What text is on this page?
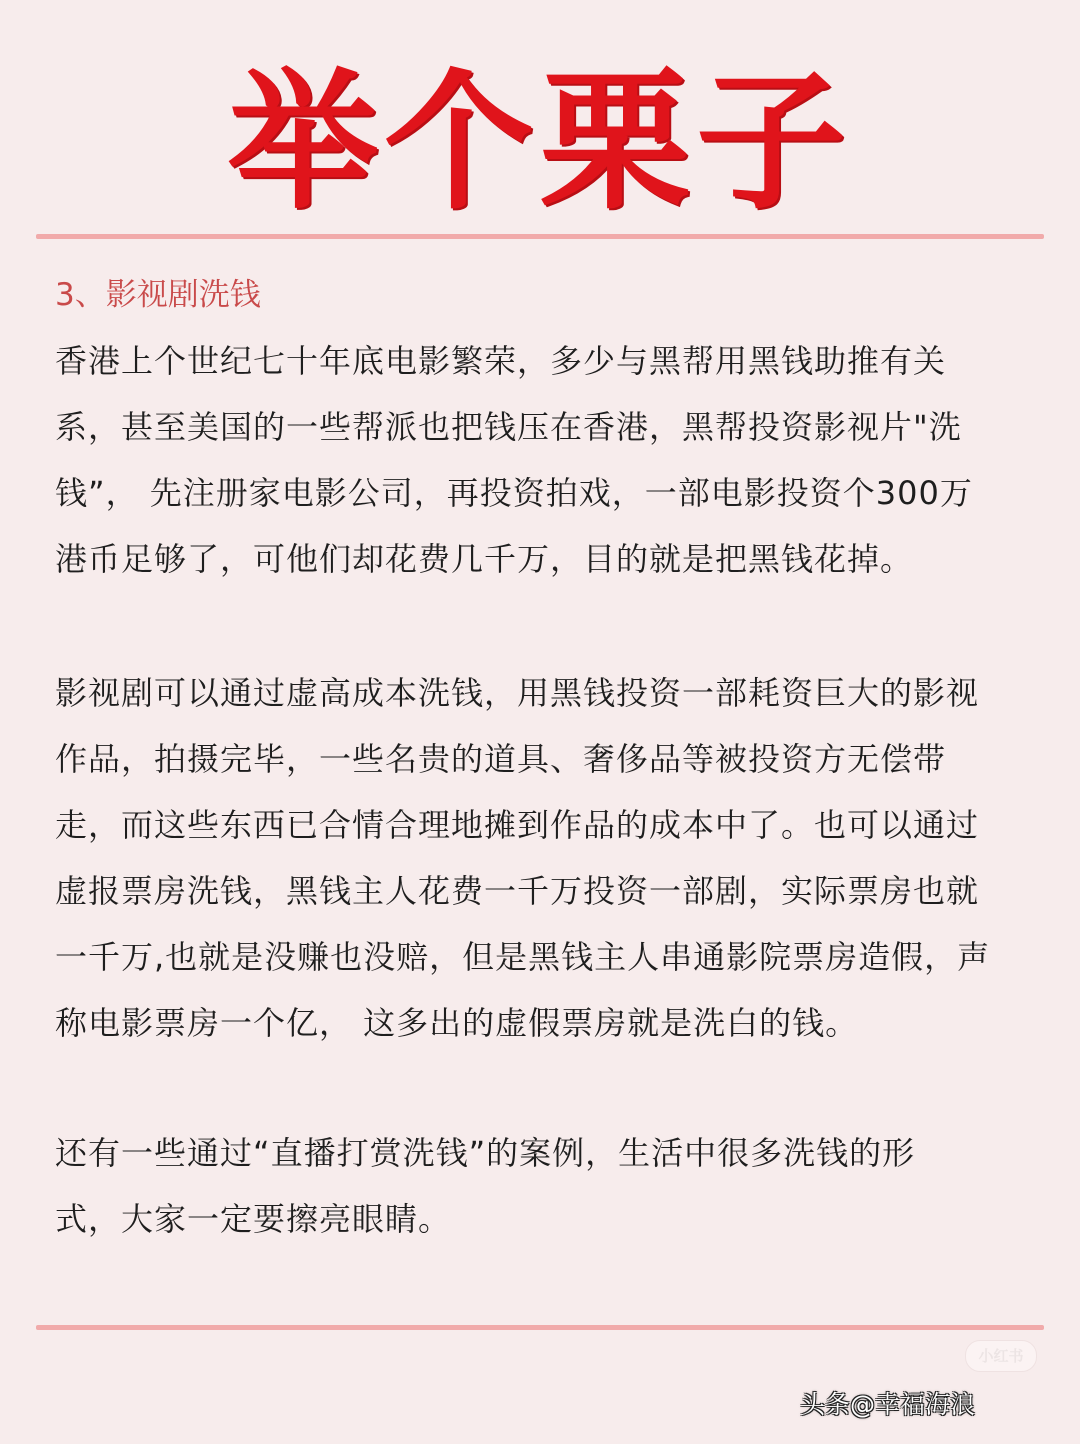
举个栗子
3、影视剧洗钱
香港上个世纪七十年底电影繁荣，多少与黑帮用黑钱助推有关
系，甚至美国的一些帮派也把钱压在香港，黑帮投资影视片"洗
钱”， 先注册家电影公司，再投资拍戏，一部电影投资个300万
港币足够了，可他们却花费几千万，目的就是把黑钱花掉。
影视剧可以通过虚高成本洗钱，用黑钱投资一部耗资巨大的影视
作品，拍摄完毕，一些名贵的道具、奢侈品等被投资方无偿带
走，而这些东西已合情合理地摊到作品的成本中了。也可以通过
虚报票房洗钱，黑钱主人花费一千万投资一部剧，实际票房也就
一千万,也就是没赚也没赔，但是黑钱主人串通影院票房造假，声
称电影票房一个亿， 这多出的虚假票房就是洗白的钱。
还有一些通过“直播打赏洗钱”的案例，生活中很多洗钱的形
式，大家一定要擦亮眼睛。
小红书
头条@幸福海浪
